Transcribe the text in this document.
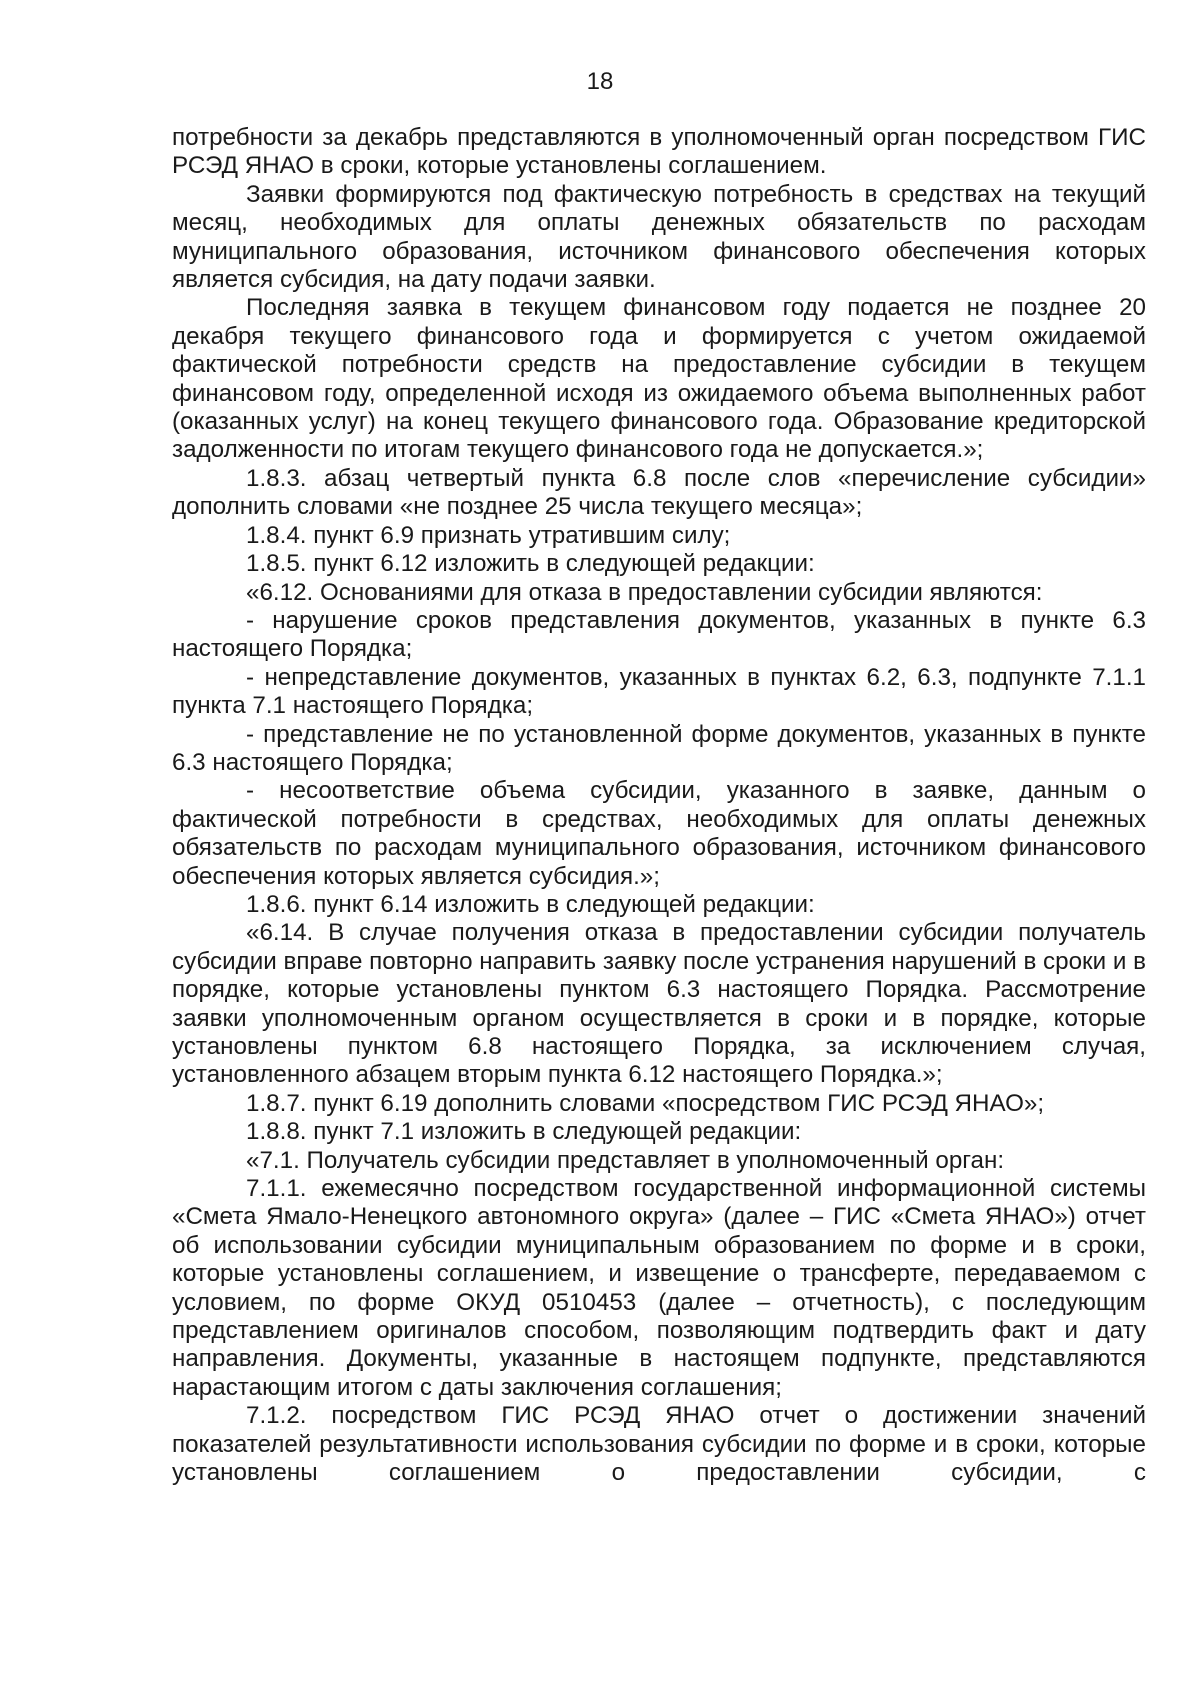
18

потребности за декабрь представляются в уполномоченный орган посредством ГИС РСЭД ЯНАО в сроки, которые установлены соглашением.

Заявки формируются под фактическую потребность в средствах на текущий месяц, необходимых для оплаты денежных обязательств по расходам муниципального образования, источником финансового обеспечения которых является субсидия, на дату подачи заявки.

Последняя заявка в текущем финансовом году подается не позднее 20 декабря текущего финансового года и формируется с учетом ожидаемой фактической потребности средств на предоставление субсидии в текущем финансовом году, определенной исходя из ожидаемого объема выполненных работ (оказанных услуг) на конец текущего финансового года. Образование кредиторской задолженности по итогам текущего финансового года не допускается.»;

1.8.3. абзац четвертый пункта 6.8 после слов «перечисление субсидии» дополнить словами «не позднее 25 числа текущего месяца»;

1.8.4. пункт 6.9 признать утратившим силу;

1.8.5. пункт 6.12 изложить в следующей редакции:

«6.12. Основаниями для отказа в предоставлении субсидии являются:

- нарушение сроков представления документов, указанных в пункте 6.3 настоящего Порядка;

- непредставление документов, указанных в пунктах 6.2, 6.3, подпункте 7.1.1 пункта 7.1 настоящего Порядка;

- представление не по установленной форме документов, указанных в пункте 6.3 настоящего Порядка;

- несоответствие объема субсидии, указанного в заявке, данным о фактической потребности в средствах, необходимых для оплаты денежных обязательств по расходам муниципального образования, источником финансового обеспечения которых является субсидия.»;

1.8.6. пункт 6.14 изложить в следующей редакции:

«6.14. В случае получения отказа в предоставлении субсидии получатель субсидии вправе повторно направить заявку после устранения нарушений в сроки и в порядке, которые установлены пунктом 6.3 настоящего Порядка. Рассмотрение заявки уполномоченным органом осуществляется в сроки и в порядке, которые установлены пунктом 6.8 настоящего Порядка, за исключением случая, установленного абзацем вторым пункта 6.12 настоящего Порядка.»;

1.8.7. пункт 6.19 дополнить словами «посредством ГИС РСЭД ЯНАО»;

1.8.8. пункт 7.1 изложить в следующей редакции:

«7.1. Получатель субсидии представляет в уполномоченный орган:

7.1.1. ежемесячно посредством государственной информационной системы «Смета Ямало-Ненецкого автономного округа» (далее – ГИС «Смета ЯНАО») отчет об использовании субсидии муниципальным образованием по форме и в сроки, которые установлены соглашением, и извещение о трансферте, передаваемом с условием, по форме ОКУД 0510453 (далее – отчетность), с последующим представлением оригиналов способом, позволяющим подтвердить факт и дату направления. Документы, указанные в настоящем подпункте, представляются нарастающим итогом с даты заключения соглашения;

7.1.2. посредством ГИС РСЭД ЯНАО отчет о достижении значений показателей результативности использования субсидии по форме и в сроки, которые установлены соглашением о предоставлении субсидии, с
